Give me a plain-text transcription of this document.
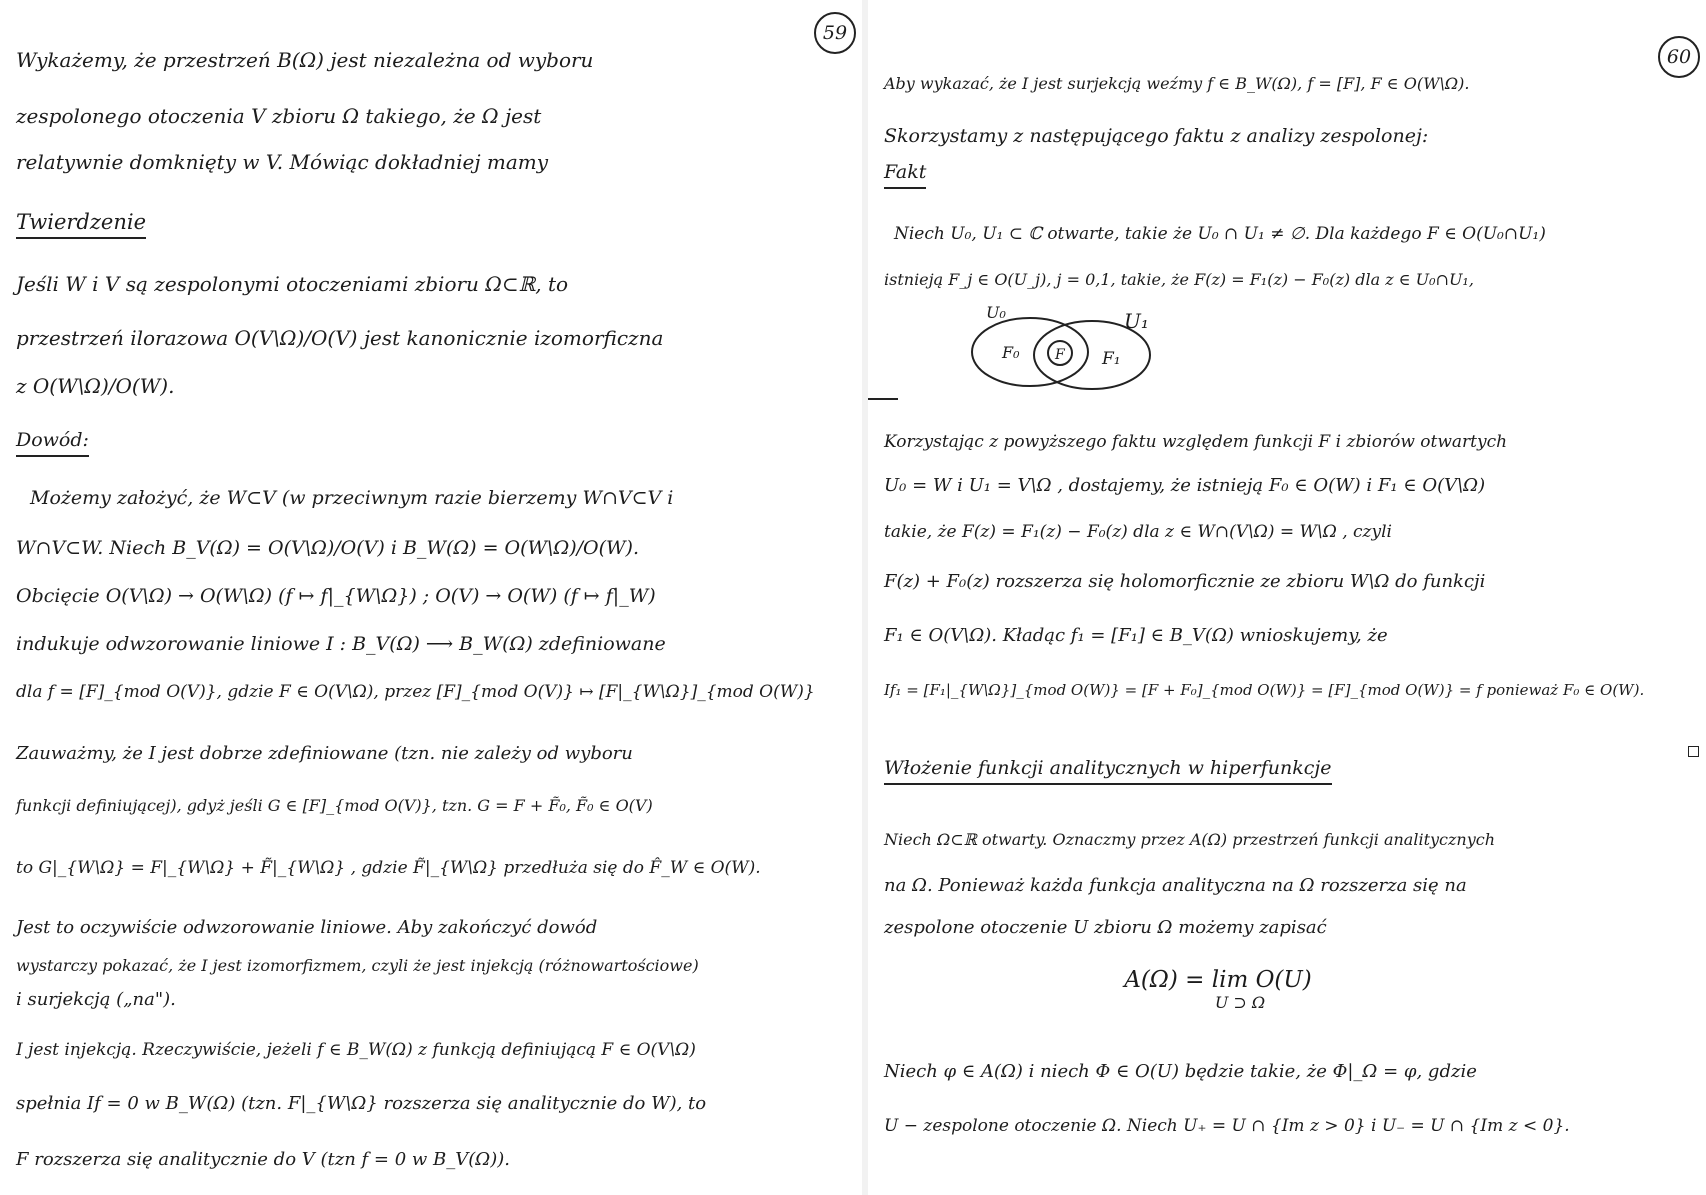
59
Wykażemy, że przestrzeń B(Ω) jest niezależna od wyboru
zespolonego otoczenia V zbioru Ω takiego, że Ω jest
relatywnie domknięty w V. Mówiąc dokładniej mamy
Twierdzenie
Jeśli W i V są zespolonymi otoczeniami zbioru Ω⊂ℝ, to
przestrzeń ilorazowa O(V\Ω)/O(V) jest kanonicznie izomorficzna
z O(W\Ω)/O(W).
Dowód:
Możemy założyć, że W⊂V (w przeciwnym razie bierzemy W∩V⊂V i
W∩V⊂W. Niech B_V(Ω) = O(V\Ω)/O(V) i B_W(Ω) = O(W\Ω)/O(W).
Obcięcie O(V\Ω) → O(W\Ω) (f ↦ f|_{W\Ω}) ; O(V) → O(W) (f ↦ f|_W)
indukuje odwzorowanie liniowe I : B_V(Ω) ⟶ B_W(Ω) zdefiniowane
dla f = [F]_{mod O(V)}, gdzie F ∈ O(V\Ω), przez [F]_{mod O(V)} ↦ [F|_{W\Ω}]_{mod O(W)}
Zauważmy, że I jest dobrze zdefiniowane (tzn. nie zależy od wyboru
funkcji definiującej), gdyż jeśli G ∈ [F]_{mod O(V)}, tzn. G = F + F̃₀, F̃₀ ∈ O(V)
to G|_{W\Ω} = F|_{W\Ω} + F̃|_{W\Ω} , gdzie F̃|_{W\Ω} przedłuża się do F̂_W ∈ O(W).
Jest to oczywiście odwzorowanie liniowe. Aby zakończyć dowód
wystarczy pokazać, że I jest izomorfizmem, czyli że jest injekcją (różnowartościowe)
i surjekcją („na").
I jest injekcją. Rzeczywiście, jeżeli f ∈ B_W(Ω) z funkcją definiującą F ∈ O(V\Ω)
spełnia If = 0 w B_W(Ω) (tzn. F|_{W\Ω} rozszerza się analitycznie do W), to
F rozszerza się analitycznie do V (tzn f = 0 w B_V(Ω)).
60
Aby wykazać, że I jest surjekcją weźmy f ∈ B_W(Ω), f = [F], F ∈ O(W\Ω).
Skorzystamy z następującego faktu z analizy zespolonej:
Fakt
Niech U₀, U₁ ⊂ ℂ otwarte, takie że U₀ ∩ U₁ ≠ ∅. Dla każdego F ∈ O(U₀∩U₁)
istnieją F_j ∈ O(U_j), j = 0,1, takie, że F(z) = F₁(z) − F₀(z) dla z ∈ U₀∩U₁,
U₀
F₀	F F₁
U₁
Korzystając z powyższego faktu względem funkcji F i zbiorów otwartych
U₀ = W i U₁ = V\Ω , dostajemy, że istnieją F₀ ∈ O(W) i F₁ ∈ O(V\Ω)
takie, że F(z) = F₁(z) − F₀(z) dla z ∈ W∩(V\Ω) = W\Ω , czyli
F(z) + F₀(z) rozszerza się holomorficznie ze zbioru W\Ω do funkcji
F₁ ∈ O(V\Ω). Kładąc f₁ = [F₁] ∈ B_V(Ω) wnioskujemy, że
If₁ = [F₁|_{W\Ω}]_{mod O(W)} = [F + F₀]_{mod O(W)} = [F]_{mod O(W)} = f ponieważ F₀ ∈ O(W).
Włożenie funkcji analitycznych w hiperfunkcje
Niech Ω⊂ℝ otwarty. Oznaczmy przez A(Ω) przestrzeń funkcji analitycznych
na Ω. Ponieważ każda funkcja analityczna na Ω rozszerza się na
zespolone otoczenie U zbioru Ω możemy zapisać
A(Ω) = lim O(U)
U ⊃ Ω
Niech φ ∈ A(Ω) i niech Φ ∈ O(U) będzie takie, że Φ|_Ω = φ, gdzie
U − zespolone otoczenie Ω. Niech U₊ = U ∩ {Im z > 0} i U₋ = U ∩ {Im z < 0}.
